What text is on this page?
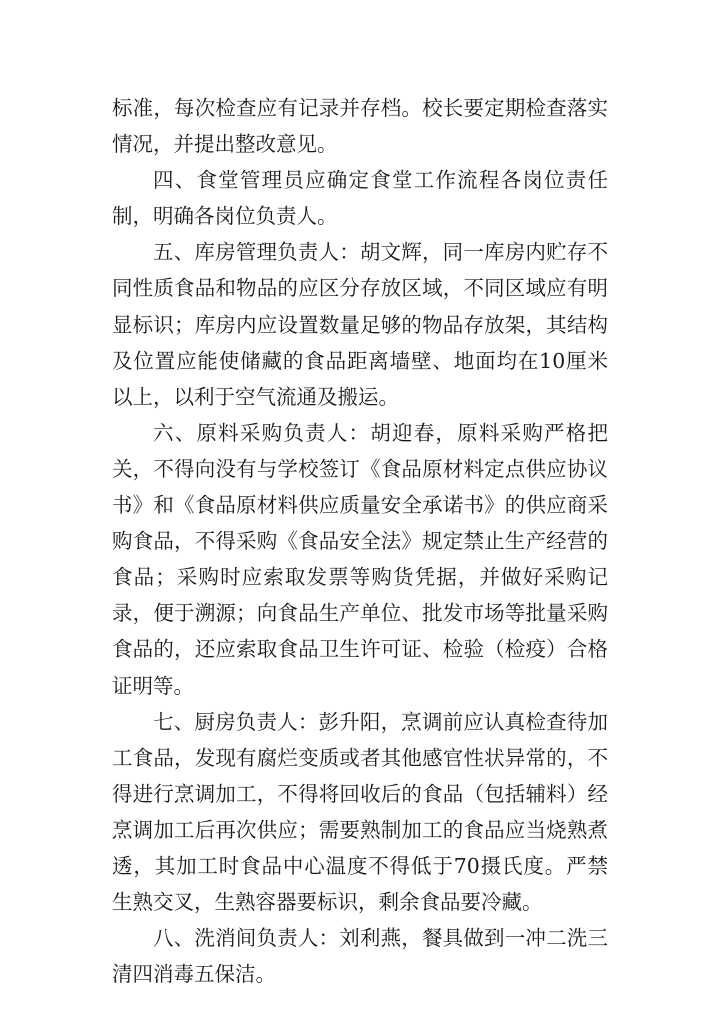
标准，每次检查应有记录并存档。校长要定期检查落实情况，并提出整改意见。

四、食堂管理员应确定食堂工作流程各岗位责任制，明确各岗位负责人。

五、库房管理负责人：胡文辉，同一库房内贮存不同性质食品和物品的应区分存放区域，不同区域应有明显标识；库房内应设置数量足够的物品存放架，其结构及位置应能使储藏的食品距离墙壁、地面均在10厘米以上，以利于空气流通及搬运。

六、原料采购负责人：胡迎春，原料采购严格把关，不得向没有与学校签订《食品原材料定点供应协议书》和《食品原材料供应质量安全承诺书》的供应商采购食品，不得采购《食品安全法》规定禁止生产经营的食品；采购时应索取发票等购货凭据，并做好采购记录，便于溯源；向食品生产单位、批发市场等批量采购食品的，还应索取食品卫生许可证、检验（检疫）合格证明等。

七、厨房负责人：彭升阳，烹调前应认真检查待加工食品，发现有腐烂变质或者其他感官性状异常的，不得进行烹调加工，不得将回收后的食品（包括辅料）经烹调加工后再次供应；需要熟制加工的食品应当烧熟煮透，其加工时食品中心温度不得低于70摄氏度。严禁生熟交叉，生熟容器要标识，剩余食品要冷藏。

八、洗消间负责人：刘利燕，餐具做到一冲二洗三清四消毒五保洁。
